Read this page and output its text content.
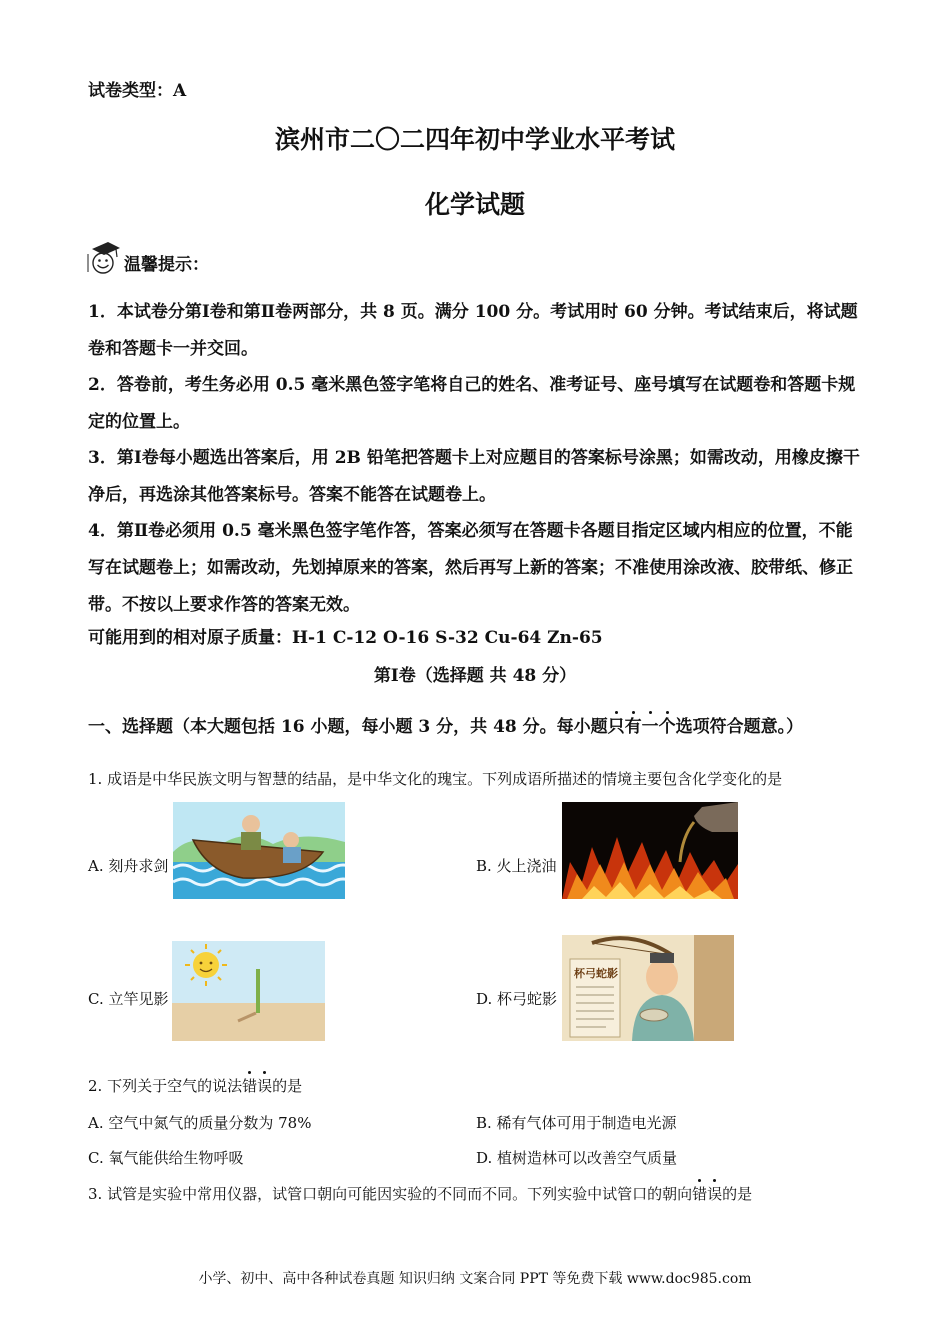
试卷类型：A
滨州市二〇二四年初中学业水平考试
化学试题
温馨提示：
1．本试卷分第Ⅰ卷和第Ⅱ卷两部分，共 8 页。满分 100 分。考试用时 60 分钟。考试结束后，将试题卷和答题卡一并交回。
2．答卷前，考生务必用 0.5 毫米黑色签字笔将自己的姓名、准考证号、座号填写在试题卷和答题卡规定的位置上。
3．第Ⅰ卷每小题选出答案后，用 2B 铅笔把答题卡上对应题目的答案标号涂黑；如需改动，用橡皮擦干净后，再选涂其他答案标号。答案不能答在试题卷上。
4．第Ⅱ卷必须用 0.5 毫米黑色签字笔作答，答案必须写在答题卡各题目指定区域内相应的位置，不能写在试题卷上；如需改动，先划掉原来的答案，然后再写上新的答案；不准使用涂改液、胶带纸、修正带。不按以上要求作答的答案无效。
可能用到的相对原子质量：H-1 C-12 O-16 S-32 Cu-64 Zn-65
第Ⅰ卷（选择题 共 48 分）
一、选择题（本大题包括 16 小题，每小题 3 分，共 48 分。每小题只有一个选项符合题意。）
1. 成语是中华民族文明与智慧的结晶，是中华文化的瑰宝。下列成语所描述的情境主要包含化学变化的是
A. 刻舟求剑	B. 火上浇油
C. 立竿见影	D. 杯弓蛇影
杯弓蛇影
2. 下列关于空气的说法错误的是
A. 空气中氮气的质量分数为 78%	B. 稀有气体可用于制造电光源
C. 氧气能供给生物呼吸	D. 植树造林可以改善空气质量
3. 试管是实验中常用仪器，试管口朝向可能因实验的不同而不同。下列实验中试管口的朝向错误的是
小学、初中、高中各种试卷真题 知识归纳 文案合同 PPT 等免费下载 www.doc985.com
